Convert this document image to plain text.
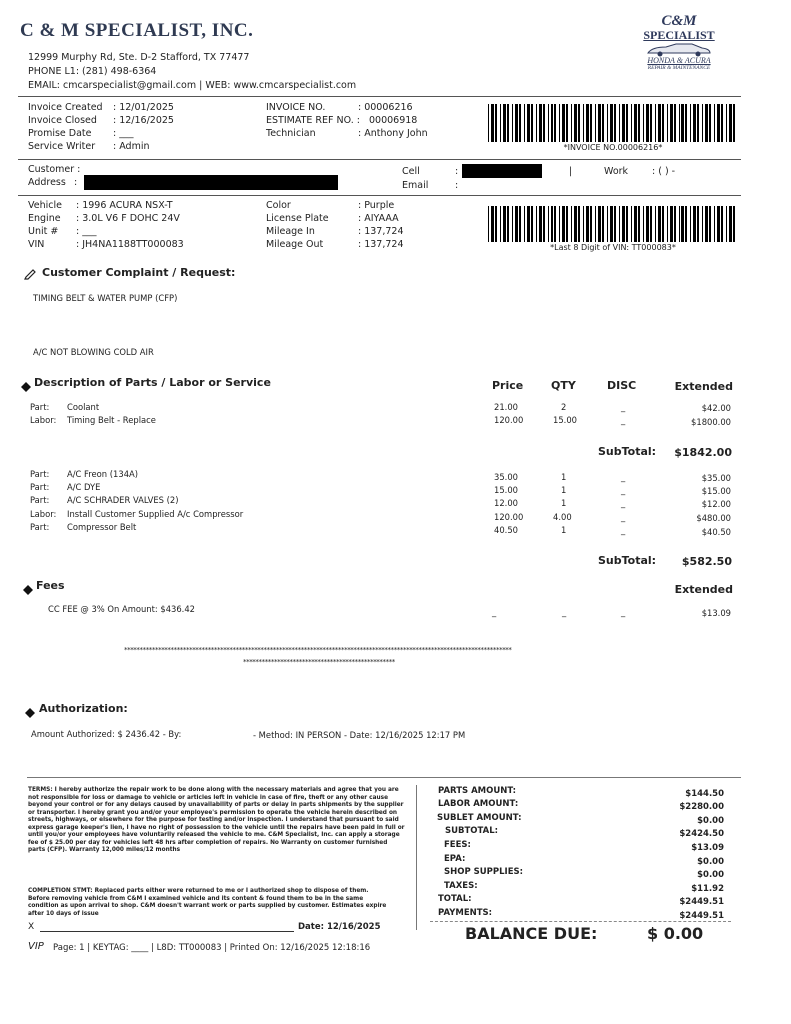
C & M SPECIALIST, INC.
12999 Murphy Rd, Ste. D-2 Stafford, TX 77477
PHONE L1: (281) 498-6364
EMAIL: cmcarspecialist@gmail.com | WEB: www.cmcarspecialist.com
C&M
SPECIALIST
HONDA & ACURA
REPAIR & MAINTENANCE
Invoice Created : 12/01/2025
Invoice Closed : 12/16/2025
Promise Date : ___
Service Writer : Admin
INVOICE NO.	: 00006216
ESTIMATE REF NO. : 00006918
Technician	: Anthony John
*INVOICE NO.00006216*
Customer :
Address :
Cell	:	|	Work	: ( ) -
Email	:
Vehicle : 1996 ACURA NSX-T
Engine : 3.0L V6 F DOHC 24V
Unit # : ___
VIN	: JH4NA1188TT000083
Color	: Purple
License Plate	: AIYAAA
Mileage In	: 137,724
Mileage Out	: 137,724	*Last 8 Digit of VIN: TT000083*
Customer Complaint / Request:
TIMING BELT & WATER PUMP (CFP)
A/C NOT BLOWING COLD AIR
Description of Parts / Labor or Service	Price	QTY	DISC	Extended
Part: Coolant	21.00	2	_	$42.00
Labor: Timing Belt - Replace	120.00	15.00	_	$1800.00
SubTotal:	$1842.00
Part: A/C Freon (134A)	35.00	1	_	$35.00
Part: A/C DYE	15.00	1	_	$15.00
Part: A/C SCHRADER VALVES (2)	12.00	1	_	$12.00
Labor: Install Customer Supplied A/c Compressor	120.00	4.00	_	$480.00
Part: Compressor Belt	40.50	1	_	$40.50
SubTotal:	$582.50
Fees	Extended
CC FEE @ 3% On Amount: $436.42	_	_	_	$13.09
*****************************************************************************************************************************
*************************************************
Authorization:
Amount Authorized: $ 2436.42 - By:	- Method: IN PERSON - Date: 12/16/2025 12:17 PM
TERMS: I hereby authorize the repair work to be done along with the necessary materials and agree that you are not responsible for loss or damage to vehicle or articles left in vehicle in case of fire, theft or any other cause beyond your control or for any delays caused by unavailability of parts or delay in parts shipments by the supplier or transporter. I hereby grant you and/or your employee's permission to operate the vehicle herein described on streets, highways, or elsewhere for the purpose for testing and/or inspection. I understand that pursuant to said express garage keeper's lien, I have no right of possession to the vehicle until the repairs have been paid in full or until you/or your employees have voluntarily released the vehicle to me. C&M Specialist, Inc. can apply a storage fee of $ 25.00 per day for vehicles left 48 hrs after completion of repairs. No Warranty on customer furnished parts (CFP). Warranty 12,000 miles/12 months
COMPLETION STMT: Replaced parts either were returned to me or I authorized shop to dispose of them. Before removing vehicle from C&M I examined vehicle and its content & found them to be in the same condition as upon arrival to shop. C&M doesn't warrant work or parts supplied by customer. Estimates expire after 10 days of issue
X	Date: 12/16/2025
PARTS AMOUNT:	$144.50
LABOR AMOUNT:	$2280.00
SUBLET AMOUNT:	$0.00
SUBTOTAL:	$2424.50
FEES:	$13.09
EPA:	$0.00
SHOP SUPPLIES:	$0.00
TAXES:	$11.92
TOTAL:	$2449.51
PAYMENTS:	$2449.51
BALANCE DUE:	$ 0.00
VIP Page: 1 | KEYTAG: ____ | L8D: TT000083 | Printed On: 12/16/2025 12:18:16
